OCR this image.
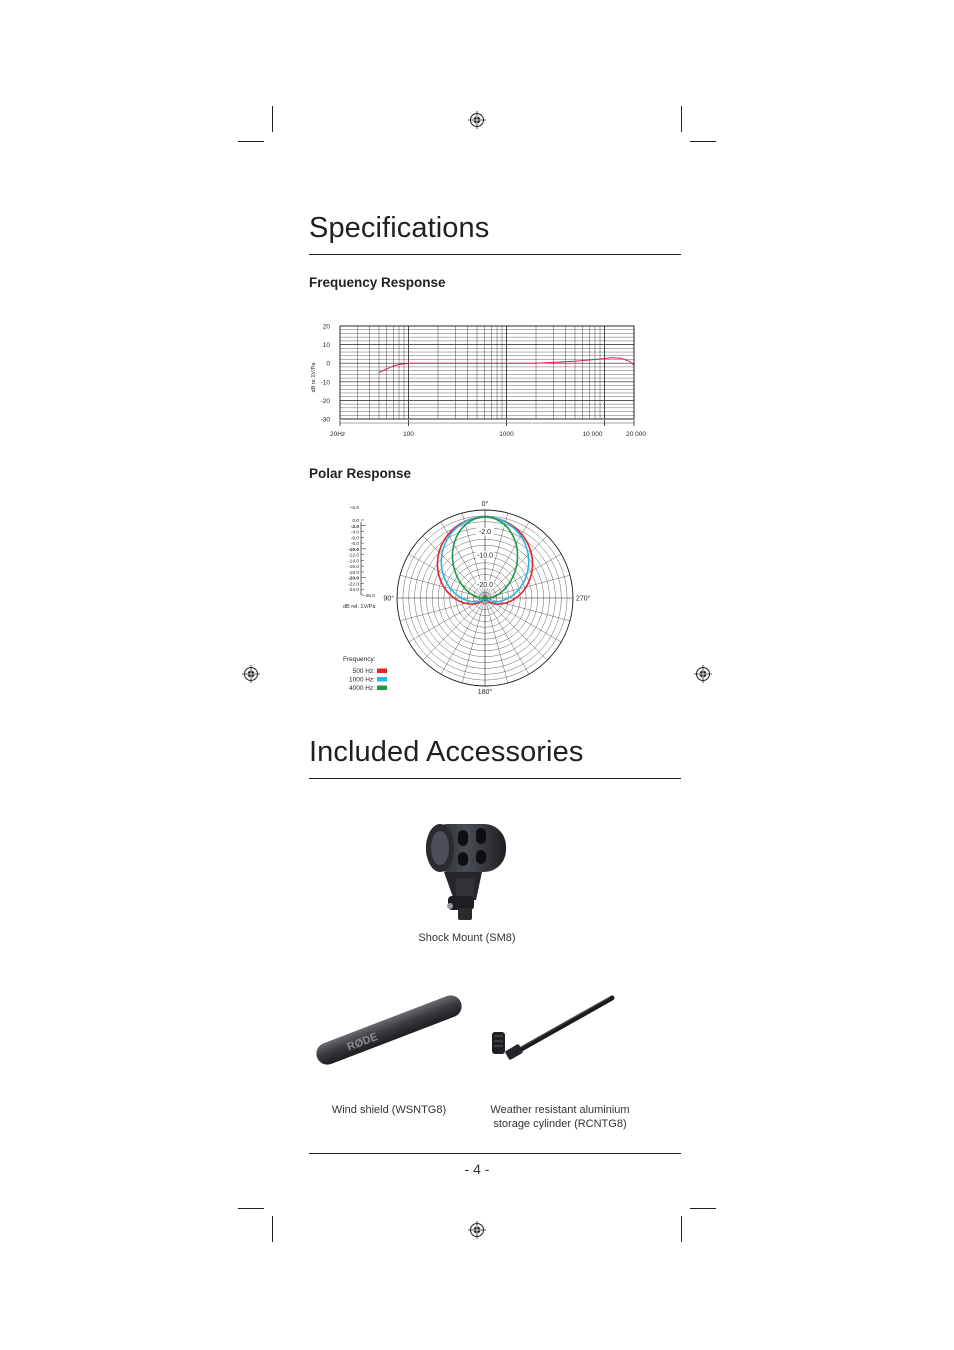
Specifications
Frequency Response
20
10
0
-10
-20
-30
dB re 1V/Pa
20Hz	100	1000	10 000	20 000
Polar Response
-2.0
-10.0
-20.0
0°
90°	270°
180°
+5.0
0.0
-2.0
-4.0
-6.0
-8.0
-10.0
-12.0
-14.0
-16.0
-18.0
-20.0
-22.0
-24.0
-25.0
dB rel. 1V/Pa
Frequency:
500 Hz:
1000 Hz:
4000 Hz:
Included Accessories
Shock Mount (SM8)
RØDE
Wind shield (WSNTG8)	Weather resistant aluminium
storage cylinder (RCNTG8)
- 4 -
